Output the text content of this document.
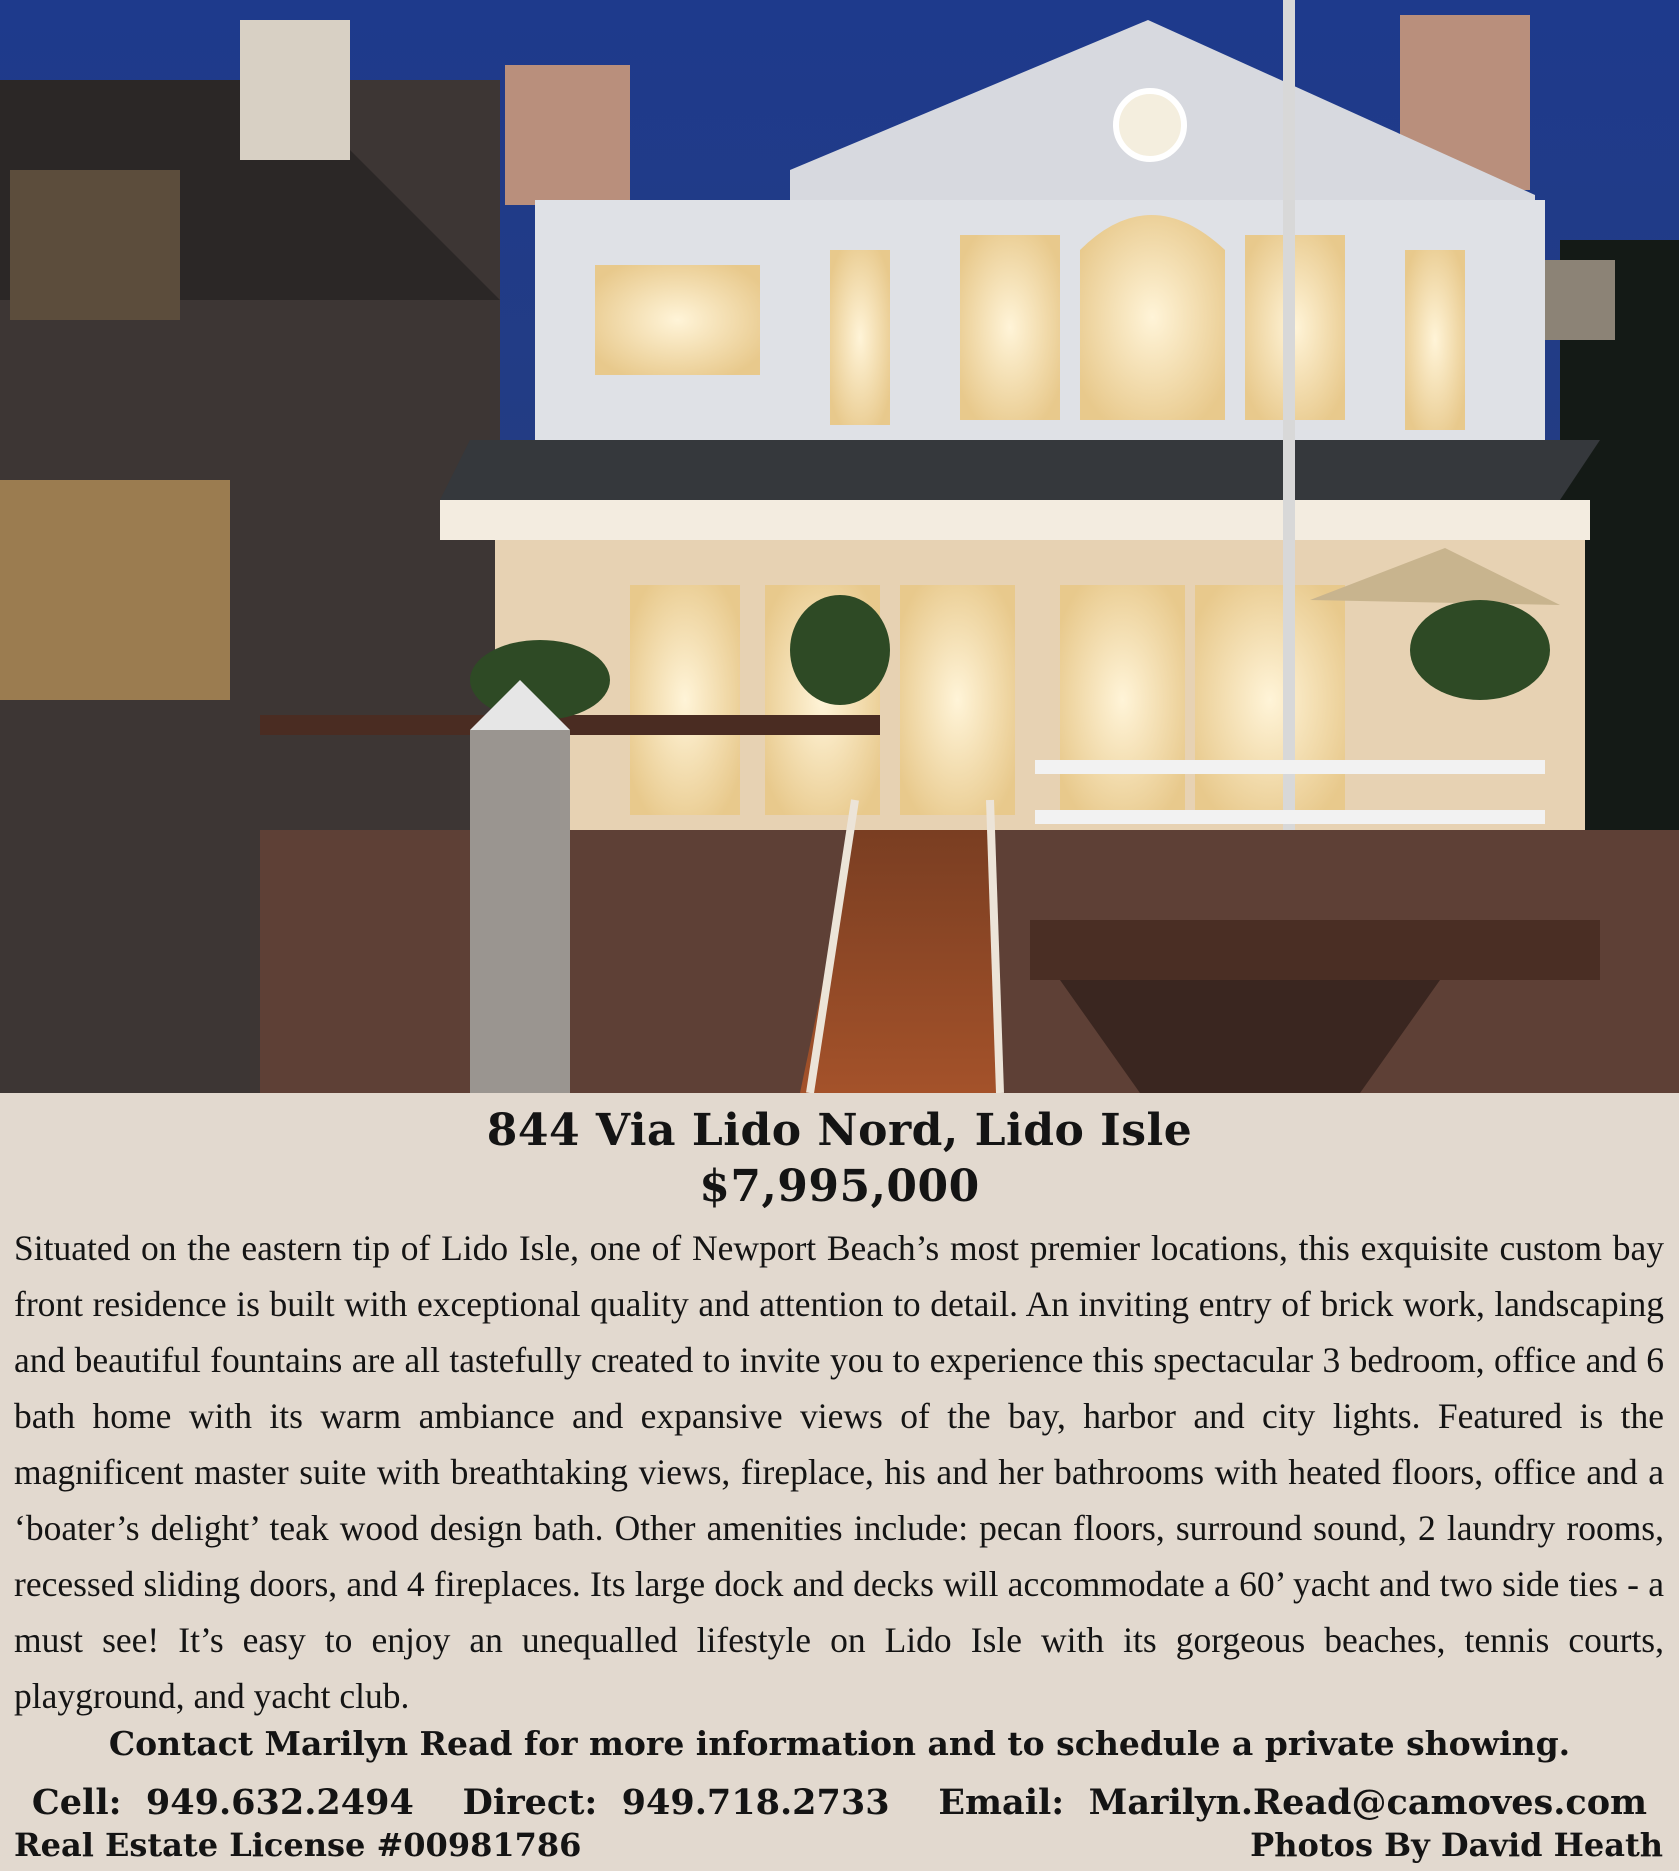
844 Via Lido Nord, Lido Isle
$7,995,000

Situated on the eastern tip of Lido Isle, one of Newport Beach’s most premier locations, this exquisite custom bay front residence is built with exceptional quality and attention to detail. An inviting entry of brick work, landscaping and beautiful fountains are all tastefully created to invite you to experience this spectacular 3 bedroom, office and 6 bath home with its warm ambiance and expansive views of the bay, harbor and city lights. Featured is the magnificent master suite with breathtaking views, fireplace, his and her bathrooms with heated floors, office and a ‘boater’s delight’ teak wood design bath. Other amenities include: pecan floors, surround sound, 2 laundry rooms, recessed sliding doors, and 4 fireplaces. Its large dock and decks will accommodate a 60’ yacht and two side ties - a must see! It’s easy to enjoy an unequalled lifestyle on Lido Isle with its gorgeous beaches, tennis courts, playground, and yacht club.

Contact Marilyn Read for more information and to schedule a private showing.
Cell:  949.632.2494    Direct:  949.718.2733    Email:  Marilyn.Read@camoves.com
Real Estate License #00981786	Photos By David Heath
